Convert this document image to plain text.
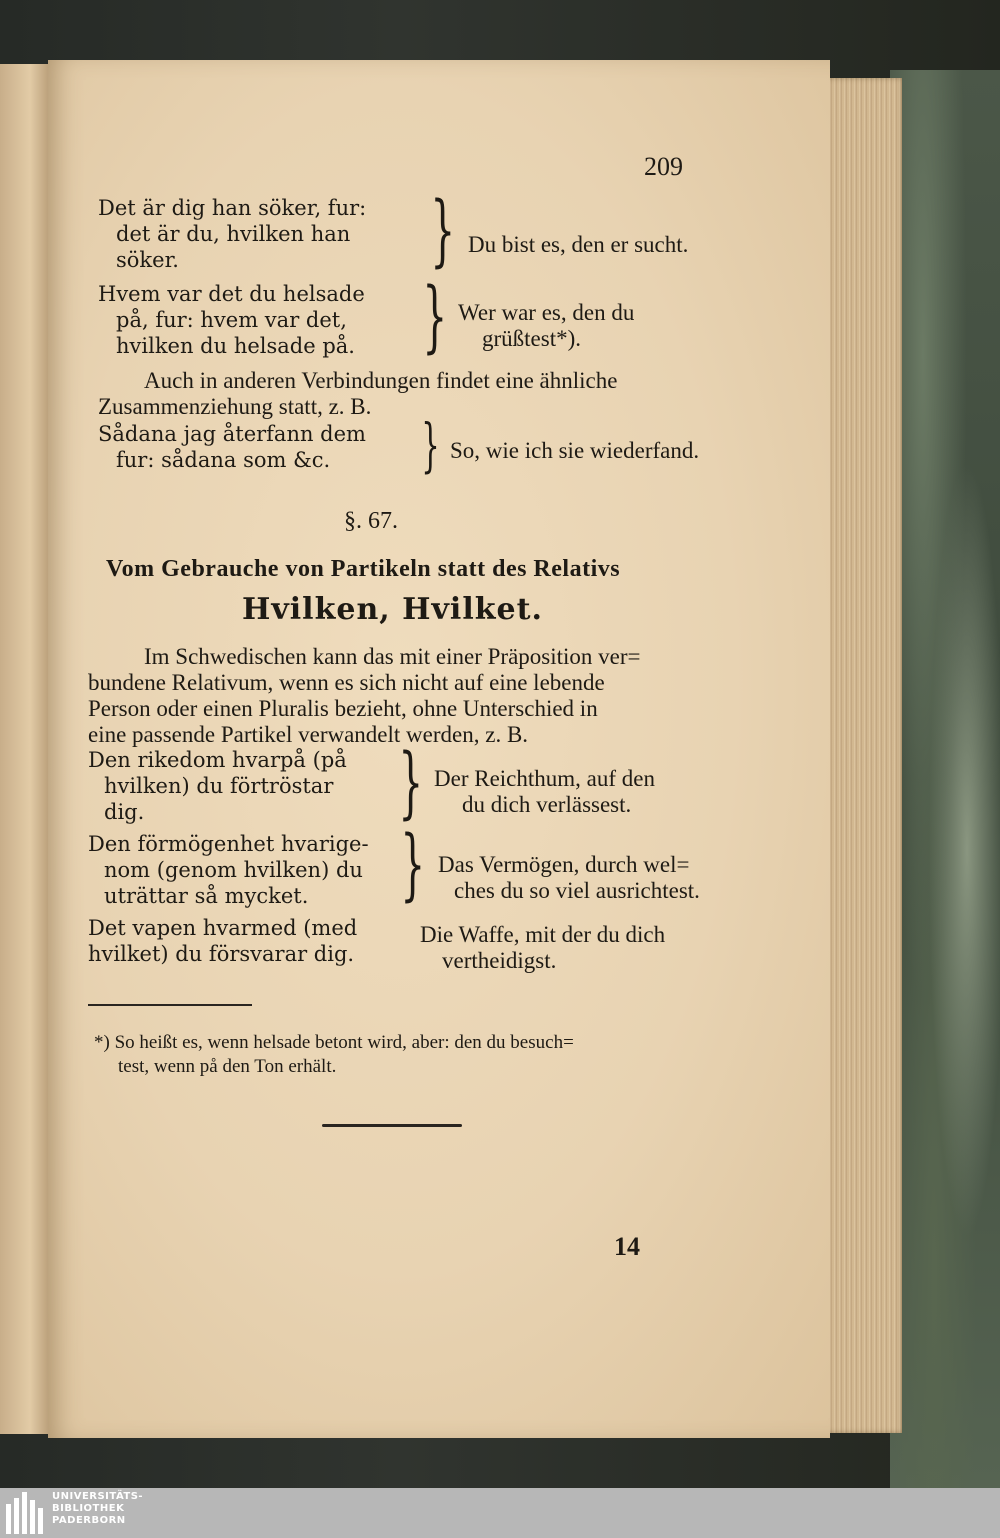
209
Det är dig han söker, fur:
det är du, hvilken han
söker.	} Du bist es, den er sucht.
Hvem var det du helsade
på, fur: hvem var det,
hvilken du helsade på. } Wer war es, den du
grüßtest*).
Auch in anderen Verbindungen findet eine ähnliche
Zusammenziehung statt, z. B.
Sådana jag återfann dem
fur: sådana som &c. } So, wie ich sie wiederfand.
§. 67.
Vom Gebrauche von Partikeln statt des Relativs
Hvilken, Hvilket.
Im Schwedischen kann das mit einer Präposition ver=
bundene Relativum, wenn es sich nicht auf eine lebende
Person oder einen Pluralis bezieht, ohne Unterschied in
eine passende Partikel verwandelt werden, z. B.
Den rikedom hvarpå (på
hvilken) du förtröstar
dig.	} Der Reichthum, auf den
du dich verlässest.
Den förmögenhet hvarige-
nom (genom hvilken) du
uträttar så mycket. } Das Vermögen, durch wel=
ches du so viel ausrichtest.
Det vapen hvarmed (med
hvilket) du försvarar dig.
Die Waffe, mit der du dich
vertheidigst.
*) So heißt es, wenn helsade betont wird, aber: den du besuch=
test, wenn på den Ton erhält.
14
UNIVERSITÄTS-
BIBLIOTHEK
PADERBORN
